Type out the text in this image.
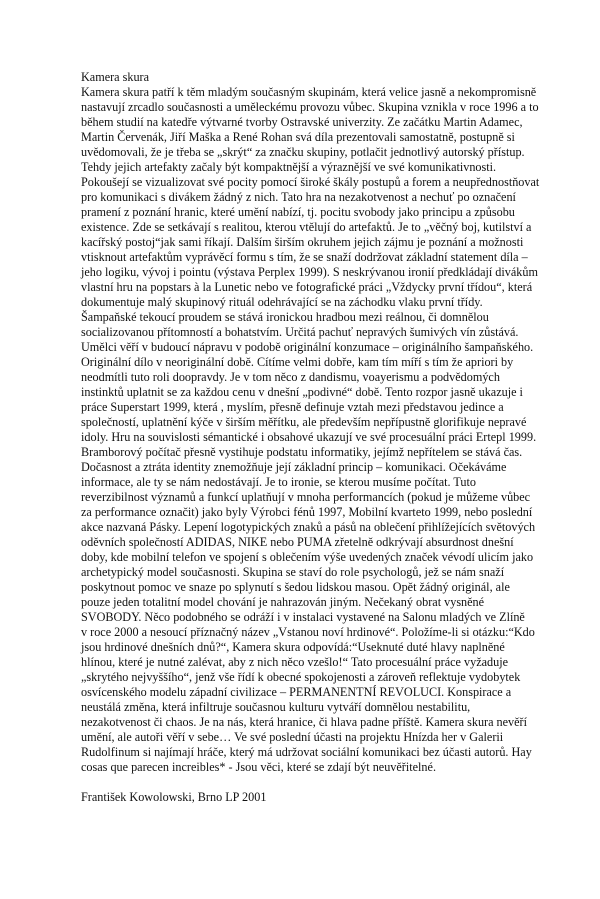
Kamera skura
Kamera skura patří k těm mladým současným skupinám, která velice jasně a nekompromisně
nastavují zrcadlo současnosti a uměleckému provozu vůbec. Skupina vznikla v roce 1996 a to
během studií na katedře výtvarné tvorby Ostravské univerzity. Ze začátku Martin Adamec,
Martin Červenák, Jiří Maška a René Rohan svá díla prezentovali samostatně, postupně si
uvědomovali, že je třeba se „skrýt“ za značku skupiny, potlačit jednotlivý autorský přístup.
Tehdy jejich artefakty začaly být kompaktnější a výraznější ve své komunikativnosti.
Pokoušejí se vizualizovat své pocity pomocí široké škály postupů a forem a neupřednostňovat
pro komunikaci s divákem žádný z nich. Tato hra na nezakotvenost a nechuť po označení
pramení z poznání hranic, které umění nabízí, tj. pocitu svobody jako principu a způsobu
existence. Zde se setkávají s realitou, kterou vtělují do artefaktů. Je to „věčný boj, kutilství a
kacířský postoj“jak sami říkají. Dalším širším okruhem jejich zájmu je poznání a možnosti
vtisknout artefaktům vyprávěcí formu s tím, že se snaží dodržovat základní statement díla –
jeho logiku, vývoj i pointu (výstava Perplex 1999). S neskrývanou ironií předkládají divákům
vlastní hru na popstars à la Lunetic nebo ve fotografické práci „Vždycky první třídou“, která
dokumentuje malý skupinový rituál odehrávající se na záchodku vlaku první třídy.
Šampaňské tekoucí proudem se stává ironickou hradbou mezi reálnou, či domnělou
socializovanou přítomností a bohatstvím. Určitá pachuť nepravých šumivých vín zůstává.
Umělci věří v budoucí nápravu v podobě originální konzumace – originálního šampaňského.
Originální dílo v neoriginální době. Cítíme velmi dobře, kam tím míří s tím že apriori by
neodmítli tuto roli doopravdy. Je v tom něco z dandismu, voayerismu a podvědomých
instinktů uplatnit se za každou cenu v dnešní „podivné“ době. Tento rozpor jasně ukazuje i
práce Superstart 1999, která , myslím, přesně definuje vztah mezi představou jedince a
společností, uplatnění kýče v širším měřítku, ale především nepřípustně glorifikuje nepravé
idoly. Hru na souvislosti sémantické i obsahové ukazují ve své procesuální práci Ertepl 1999.
Bramborový počítač přesně vystihuje podstatu informatiky, jejímž nepřítelem se stává čas.
Dočasnost a ztráta identity znemožňuje její základní princip – komunikaci. Očekáváme
informace, ale ty se nám nedostávají. Je to ironie, se kterou musíme počítat. Tuto
reverzibilnost významů a funkcí uplatňují v mnoha performancích (pokud je můžeme vůbec
za performance označit) jako byly Výrobci fénů 1997, Mobilní kvarteto 1999, nebo poslední
akce nazvaná Pásky. Lepení logotypických znaků a pásů na oblečení přihlížejících světových
oděvních společností ADIDAS, NIKE nebo PUMA zřetelně odkrývají absurdnost dnešní
doby, kde mobilní telefon ve spojení s oblečením výše uvedených značek vévodí ulicím jako
archetypický model současnosti. Skupina se staví do role psychologů, jež se nám snaží
poskytnout pomoc ve snaze po splynutí s šedou lidskou masou. Opět žádný originál, ale
pouze jeden totalitní model chování je nahrazován jiným. Nečekaný obrat vysněné
SVOBODY. Něco podobného se odráží i v instalaci vystavené na Salonu mladých ve Zlíně
v roce 2000 a nesoucí příznačný název „Vstanou noví hrdinové“. Položíme-li si otázku:“Kdo
jsou hrdinové dnešních dnů?“, Kamera skura odpovídá:“Useknuté duté hlavy naplněné
hlínou, které je nutné zalévat, aby z nich něco vzešlo!“ Tato procesuální práce vyžaduje
„skrytého nejvyššího“, jenž vše řídí k obecné spokojenosti a zároveň reflektuje vydobytek
osvícenského modelu západní civilizace – PERMANENTNÍ REVOLUCI. Konspirace a
neustálá změna, která infiltruje současnou kulturu vytváří domnělou nestabilitu,
nezakotvenost či chaos. Je na nás, která hranice, či hlava padne příště. Kamera skura nevěří
umění, ale autoři věří v sebe… Ve své poslední účasti na projektu Hnízda her v Galerii
Rudolfinum si najímají hráče, který má udržovat sociální komunikaci bez účasti autorů. Hay
cosas que parecen increibles* - Jsou věci, které se zdají být neuvěřitelné.
František Kowolowski, Brno LP 2001
